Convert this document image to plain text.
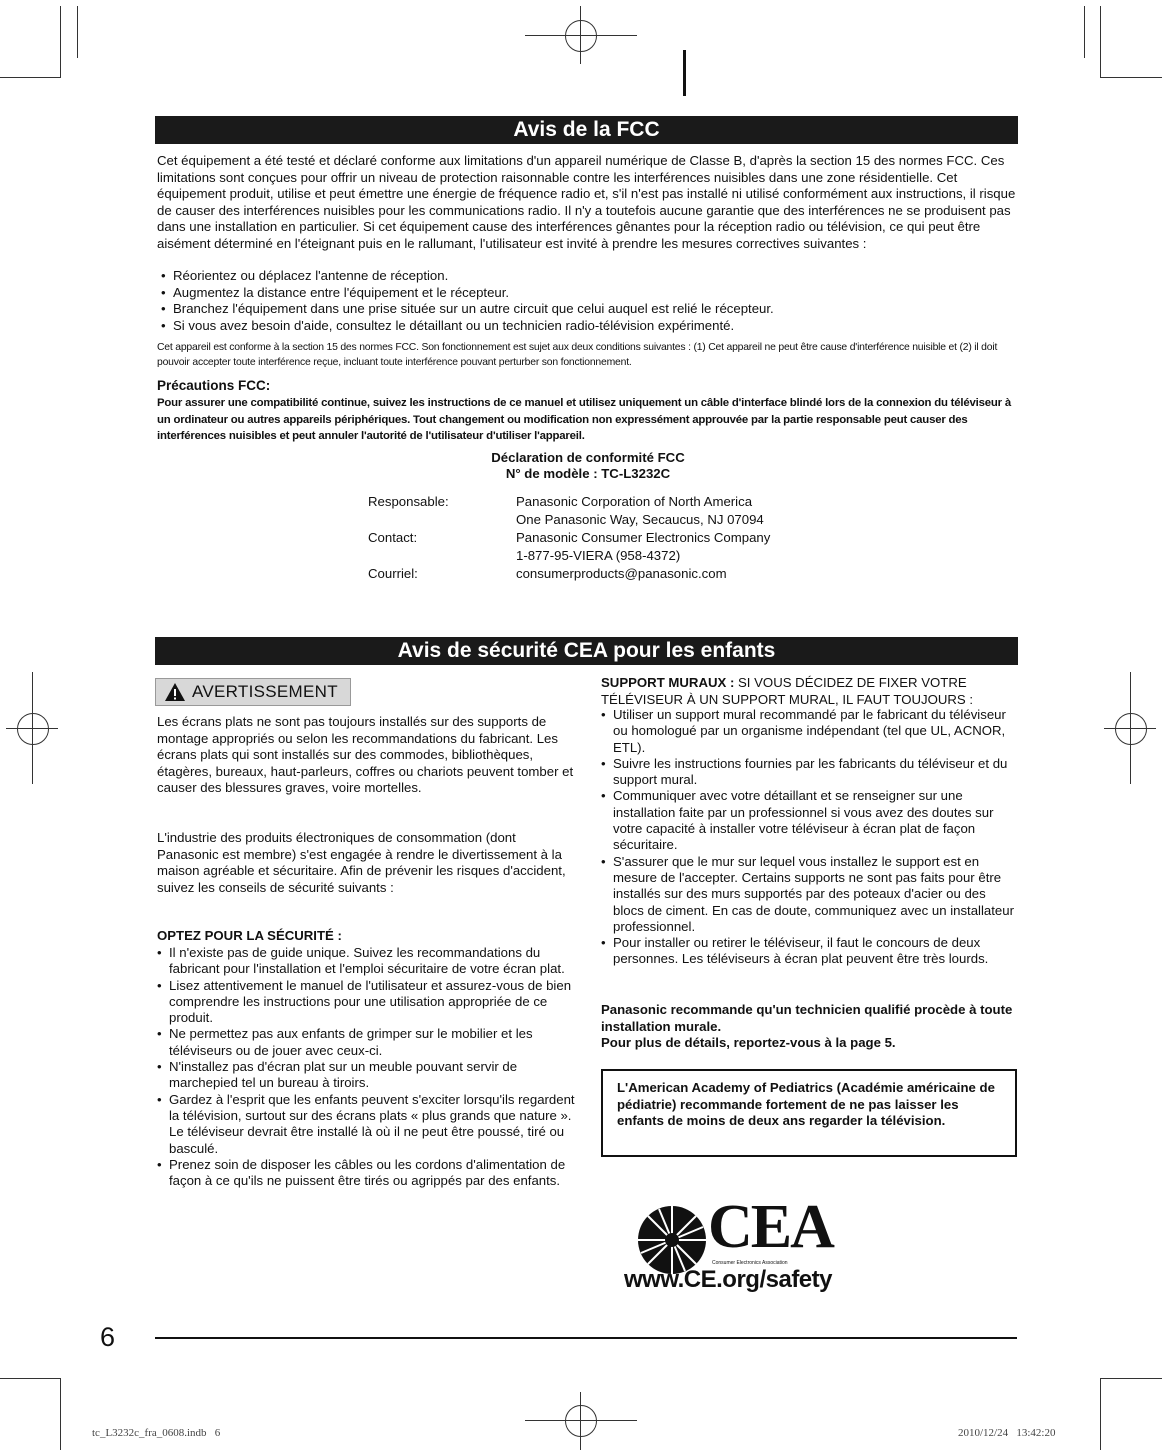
Avis de la FCC

Cet équipement a été testé et déclaré conforme aux limitations d'un appareil numérique de Classe B, d'après la section 15 des normes FCC. Ces limitations sont conçues pour offrir un niveau de protection raisonnable contre les interférences nuisibles dans une zone résidentielle. Cet équipement produit, utilise et peut émettre une énergie de fréquence radio et, s'il n'est pas installé ni utilisé conformément aux instructions, il risque de causer des interférences nuisibles pour les communications radio. Il n'y a toutefois aucune garantie que des interférences ne se produisent pas dans une installation en particulier. Si cet équipement cause des interférences gênantes pour la réception radio ou télévision, ce qui peut être aisément déterminé en l'éteignant puis en le rallumant, l'utilisateur est invité à prendre les mesures correctives suivantes :

• Réorientez ou déplacez l'antenne de réception.
• Augmentez la distance entre l'équipement et le récepteur.
• Branchez l'équipement dans une prise située sur un autre circuit que celui auquel est relié le récepteur.
• Si vous avez besoin d'aide, consultez le détaillant ou un technicien radio-télévision expérimenté.

Cet appareil est conforme à la section 15 des normes FCC. Son fonctionnement est sujet aux deux conditions suivantes : (1) Cet appareil ne peut être cause d'interférence nuisible et (2) il doit pouvoir accepter toute interférence reçue, incluant toute interférence pouvant perturber son fonctionnement.

Précautions FCC:

Pour assurer une compatibilité continue, suivez les instructions de ce manuel et utilisez uniquement un câble d'interface blindé lors de la connexion du téléviseur à un ordinateur ou autres appareils périphériques. Tout changement ou modification non expressément approuvée par la partie responsable peut causer des interférences nuisibles et peut annuler l'autorité de l'utilisateur d'utiliser l'appareil.

Déclaration de conformité FCC
N° de modèle : TC-L3232C
Responsable:	Panasonic Corporation of North America
One Panasonic Way, Secaucus, NJ 07094
Contact:	Panasonic Consumer Electronics Company
1-877-95-VIERA (958-4372)
Courriel:	consumerproducts@panasonic.com
Avis de sécurité CEA pour les enfants
AVERTISSEMENT

Les écrans plats ne sont pas toujours installés sur des supports de montage appropriés ou selon les recommandations du fabricant. Les écrans plats qui sont installés sur des commodes, bibliothèques, étagères, bureaux, haut-parleurs, coffres ou chariots peuvent tomber et causer des blessures graves, voire mortelles.

L'industrie des produits électroniques de consommation (dont Panasonic est membre) s'est engagée à rendre le divertissement à la maison agréable et sécuritaire. Afin de prévenir les risques d'accident, suivez les conseils de sécurité suivants :

OPTEZ POUR LA SÉCURITÉ :
• Il n'existe pas de guide unique. Suivez les recommandations du fabricant pour l'installation et l'emploi sécuritaire de votre écran plat.
• Lisez attentivement le manuel de l'utilisateur et assurez-vous de bien comprendre les instructions pour une utilisation appropriée de ce produit.
• Ne permettez pas aux enfants de grimper sur le mobilier et les téléviseurs ou de jouer avec ceux-ci.
• N'installez pas d'écran plat sur un meuble pouvant servir de marchepied tel un bureau à tiroirs.
• Gardez à l'esprit que les enfants peuvent s'exciter lorsqu'ils regardent la télévision, surtout sur des écrans plats « plus grands que nature ». Le téléviseur devrait être installé là où il ne peut être poussé, tiré ou basculé.
• Prenez soin de disposer les câbles ou les cordons d'alimentation de façon à ce qu'ils ne puissent être tirés ou agrippés par des enfants.

SUPPORT MURAUX : SI VOUS DÉCIDEZ DE FIXER VOTRE TÉLÉVISEUR À UN SUPPORT MURAL, IL FAUT TOUJOURS :

• Utiliser un support mural recommandé par le fabricant du téléviseur ou homologué par un organisme indépendant (tel que UL, ACNOR, ETL).
• Suivre les instructions fournies par les fabricants du téléviseur et du support mural.
• Communiquer avec votre détaillant et se renseigner sur une installation faite par un professionnel si vous avez des doutes sur votre capacité à installer votre téléviseur à écran plat de façon sécuritaire.
• S'assurer que le mur sur lequel vous installez le support est en mesure de l'accepter. Certains supports ne sont pas faits pour être installés sur des murs supportés par des poteaux d'acier ou des blocs de ciment. En cas de doute, communiquez avec un installateur professionnel.
• Pour installer ou retirer le téléviseur, il faut le concours de deux personnes. Les téléviseurs à écran plat peuvent être très lourds.

Panasonic recommande qu'un technicien qualifié procède à toute installation murale.

Pour plus de détails, reportez-vous à la page 5.

L'American Academy of Pediatrics (Académie américaine de pédiatrie) recommande fortement de ne pas laisser les enfants de moins de deux ans regarder la télévision.

CEA
Consumer Electronics Association
www.CE.org/safety
6
tc_L3232c_fra_0608.indb   6	2010/12/24   13:42:20
